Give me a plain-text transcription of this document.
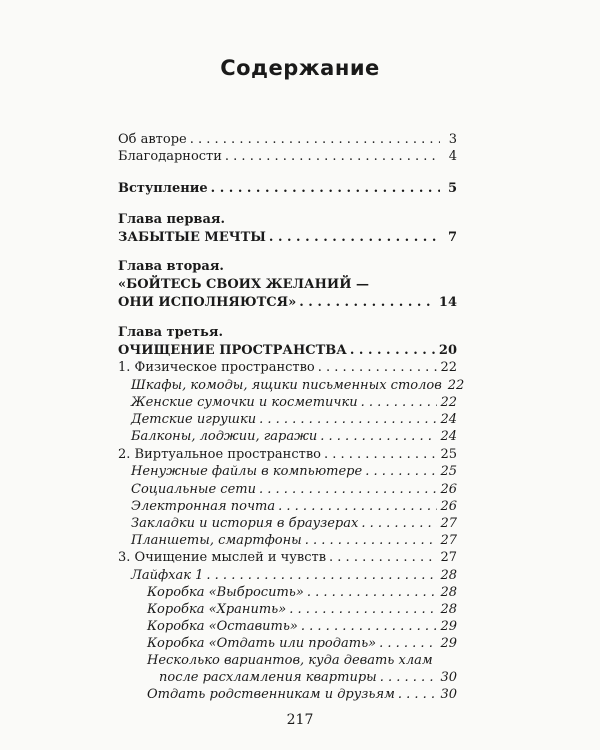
Содержание
Об авторе . . .	3
Благодарности . . .	4
Вступление . . .	5
Глава первая.
ЗАБЫТЫЕ МЕЧТЫ . . .	7
Глава вторая.
«БОЙТЕСЬ СВОИХ ЖЕЛАНИЙ —
ОНИ ИСПОЛНЯЮТСЯ» . . .	14
Глава третья.
ОЧИЩЕНИЕ ПРОСТРАНСТВА . . .	20
1. Физическое пространство . . .	22
Шкафы, комоды, ящики письменных столов 22
Женские сумочки и косметички . . .	22
Детские игрушки . . .	24
Балконы, лоджии, гаражи . . .	24
2. Виртуальное пространство . . .	25
Ненужные файлы в компьютере . . .	25
Социальные сети . . .	26
Электронная почта . . .	26
Закладки и история в браузерах . . .	27
Планшеты, смартфоны . . .	27
3. Очищение мыслей и чувств . . .	27
Лайфхак 1 . . .	28
Коробка «Выбросить» . . .	28
Коробка «Хранить» . . .	28
Коробка «Оставить» . . .	29
Коробка «Отдать или продать» . . .	29
Несколько вариантов, куда девать хлам
после расхламления квартиры . . .	30
217
Отдать родственникам и друзьям . . .	30
